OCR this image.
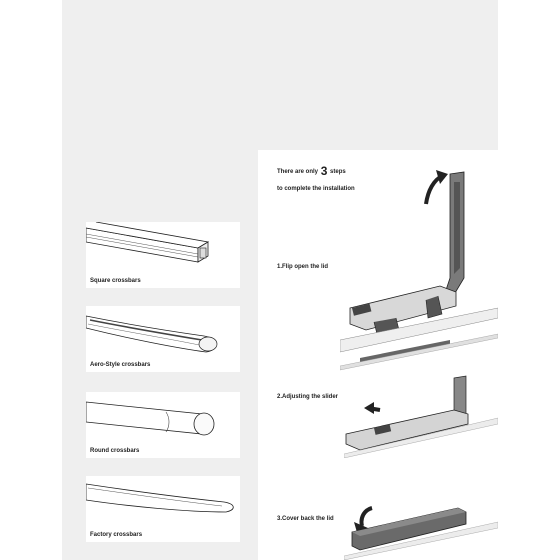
Square crossbars
Aero-Style crossbars
Round crossbars
Factory crossbars
There are only 3 steps
to complete the installation
1.Flip open the lid
2.Adjusting the slider
3.Cover back the lid
